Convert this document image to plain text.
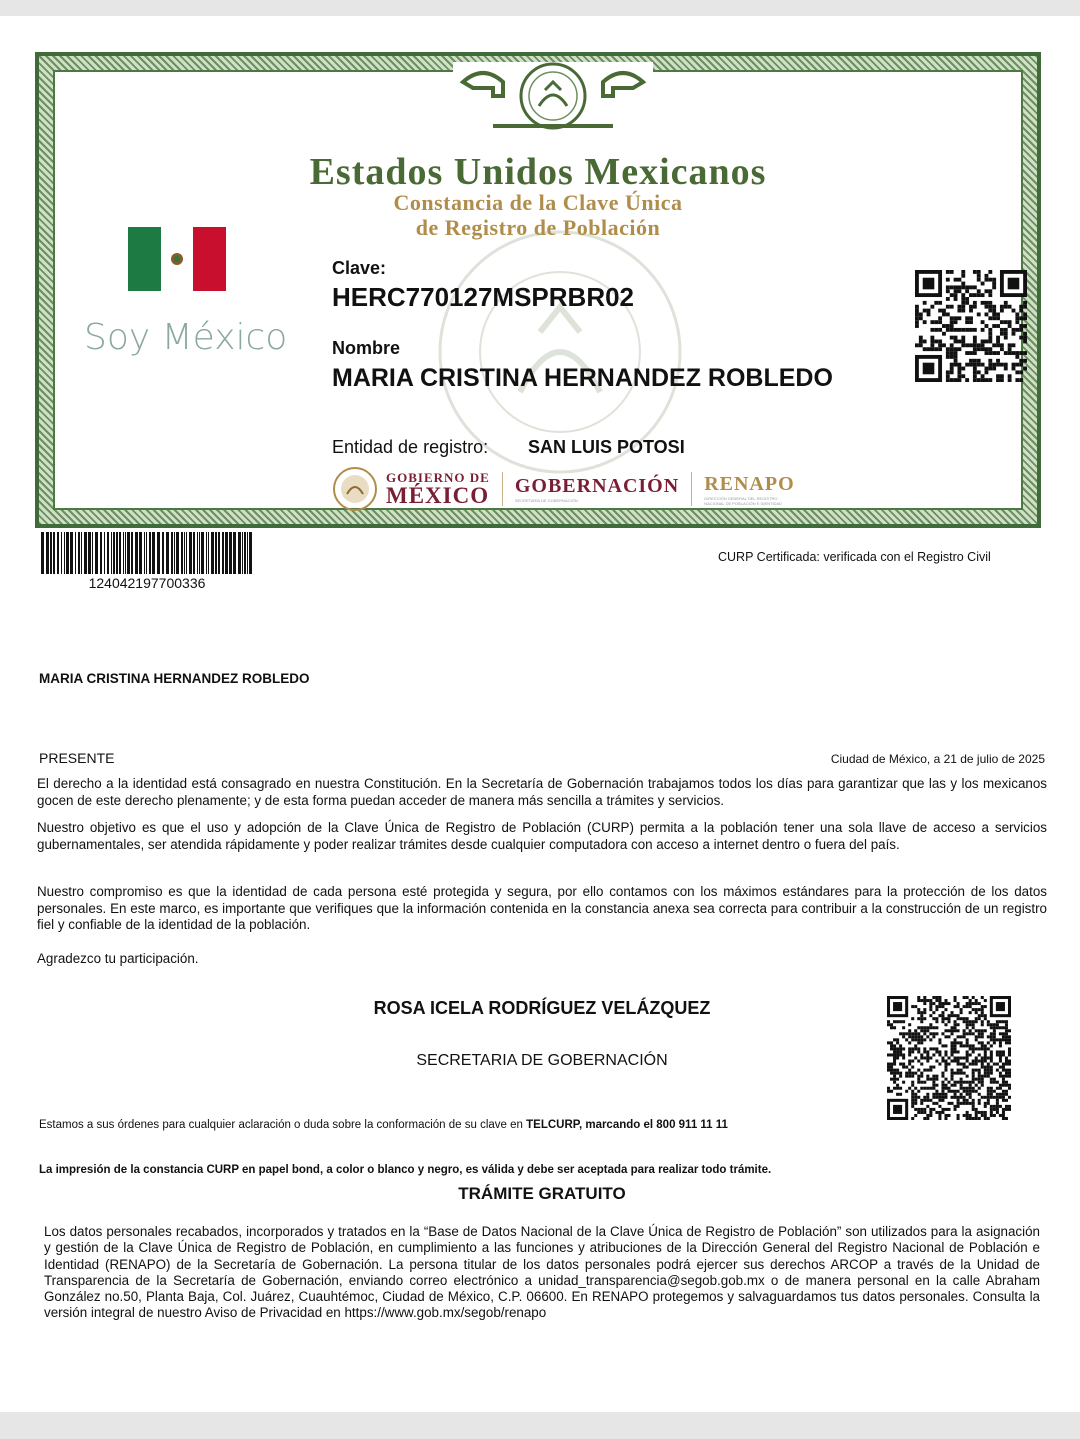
Estados Unidos Mexicanos
Constancia de la Clave Única
de Registro de Población
Soy México
Clave:
HERC770127MSPRBR02
Nombre
MARIA CRISTINA HERNANDEZ ROBLEDO
Entidad de registro: SAN LUIS POTOSI
GOBIERNO DE
MÉXICO GOBERNACIÓN
SECRETARÍA DE GOBERNACIÓN
RENAPO
DIRECCIÓN GENERAL DEL REGISTRO NACIONAL DE POBLACIÓN E IDENTIDAD
124042197700336
CURP Certificada: verificada con el Registro Civil
MARIA CRISTINA HERNANDEZ ROBLEDO
PRESENTE	Ciudad de México, a 21 de julio de 2025
El derecho a la identidad está consagrado en nuestra Constitución. En la Secretaría de Gobernación trabajamos todos los días para garantizar que las y los mexicanos gocen de este derecho plenamente; y de esta forma puedan acceder de manera más sencilla a trámites y servicios.
Nuestro objetivo es que el uso y adopción de la Clave Única de Registro de Población (CURP) permita a la población tener una sola llave de acceso a servicios gubernamentales, ser atendida rápidamente y poder realizar trámites desde cualquier computadora con acceso a internet dentro o fuera del país.
Nuestro compromiso es que la identidad de cada persona esté protegida y segura, por ello contamos con los máximos estándares para la protección de los datos personales. En este marco, es importante que verifiques que la información contenida en la constancia anexa sea correcta para contribuir a la construcción de un registro fiel y confiable de la identidad de la población.
Agradezco tu participación.
ROSA ICELA RODRÍGUEZ VELÁZQUEZ
SECRETARIA DE GOBERNACIÓN
Estamos a sus órdenes para cualquier aclaración o duda sobre la conformación de su clave en TELCURP, marcando el 800 911 11 11
La impresión de la constancia CURP en papel bond, a color o blanco y negro, es válida y debe ser aceptada para realizar todo trámite.
TRÁMITE GRATUITO
Los datos personales recabados, incorporados y tratados en la “Base de Datos Nacional de la Clave Única de Registro de Población” son utilizados para la asignación y gestión de la Clave Única de Registro de Población, en cumplimiento a las funciones y atribuciones de la Dirección General del Registro Nacional de Población e Identidad (RENAPO) de la Secretaría de Gobernación. La persona titular de los datos personales podrá ejercer sus derechos ARCOP a través de la Unidad de Transparencia de la Secretaría de Gobernación, enviando correo electrónico a unidad_transparencia@segob.gob.mx o de manera personal en la calle Abraham González no.50, Planta Baja, Col. Juárez, Cuauhtémoc, Ciudad de México, C.P. 06600. En RENAPO protegemos y salvaguardamos tus datos personales. Consulta la versión integral de nuestro Aviso de Privacidad en https://www.gob.mx/segob/renapo
